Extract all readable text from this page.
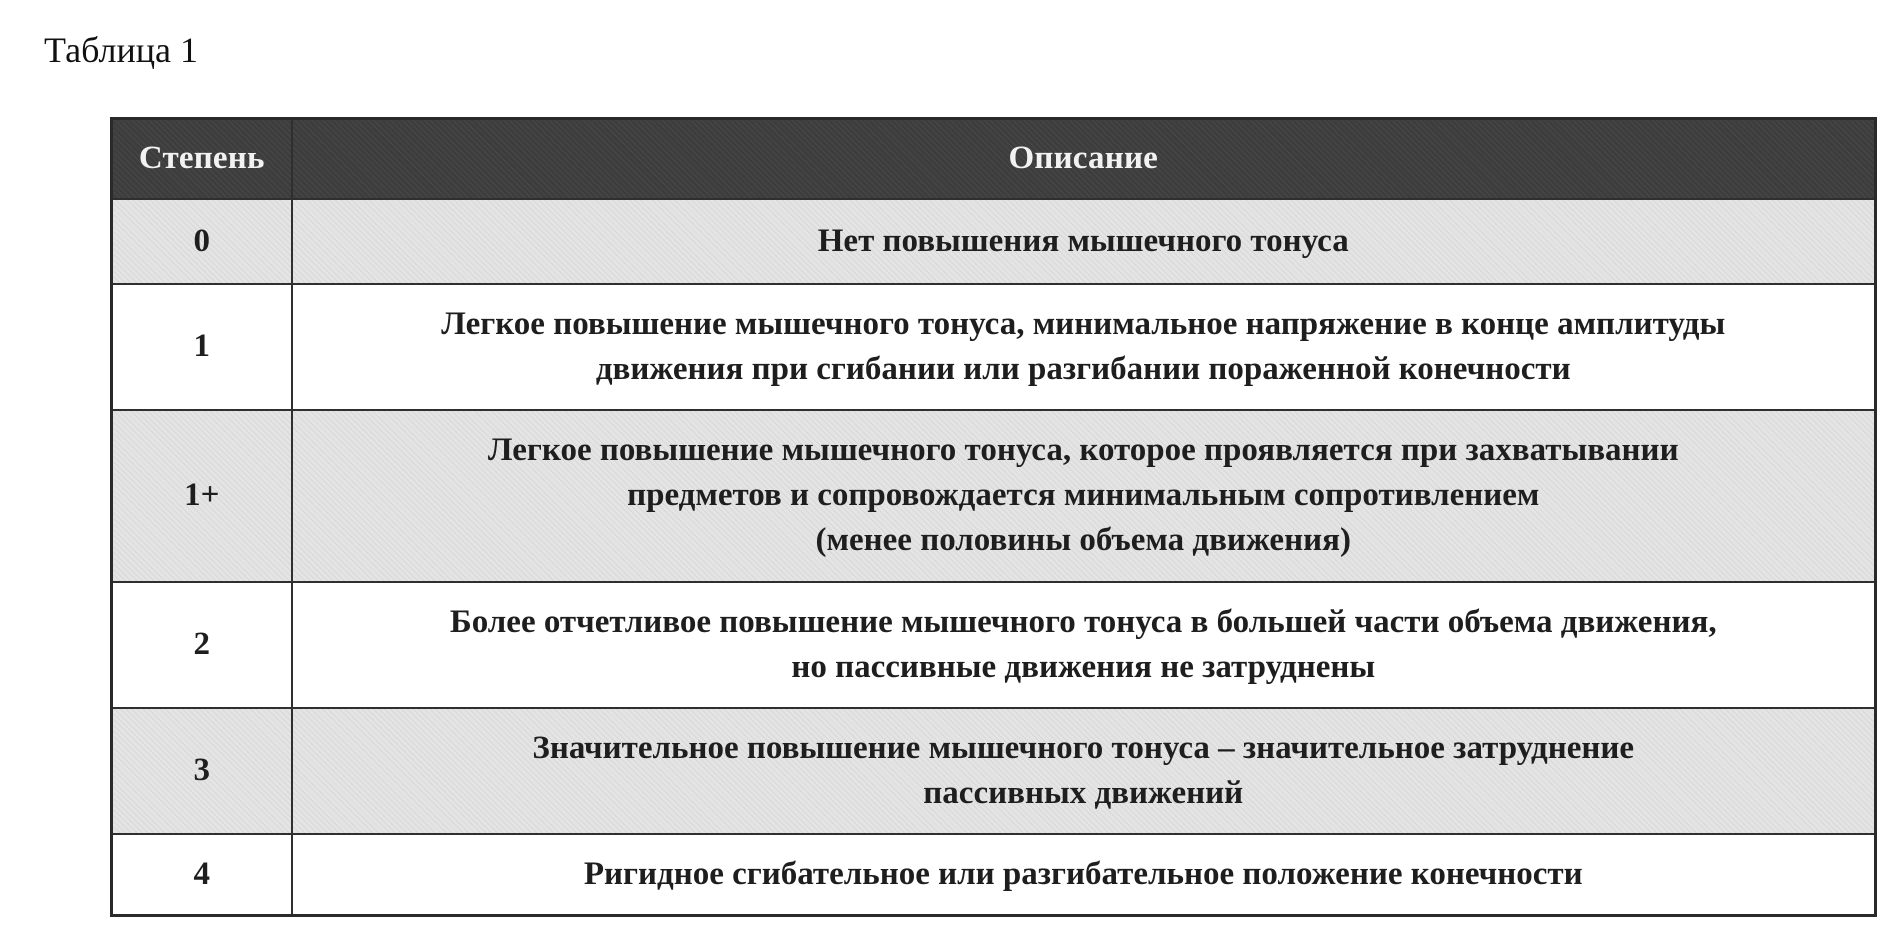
Таблица 1
Степень	Описание
0	Нет повышения мышечного тонуса

1	Легкое повышение мышечного тонуса, минимальное напряжение в конце амплитуды
движения при сгибании или разгибании пораженной конечности

1+	Легкое повышение мышечного тонуса, которое проявляется при захватывании
предметов и сопровождается минимальным сопротивлением
(менее половины объема движения)

2	Более отчетливое повышение мышечного тонуса в большей части объема движения,
но пассивные движения не затруднены

3	Значительное повышение мышечного тонуса – значительное затруднение
пассивных движений

4	Ригидное сгибательное или разгибательное положение конечности
